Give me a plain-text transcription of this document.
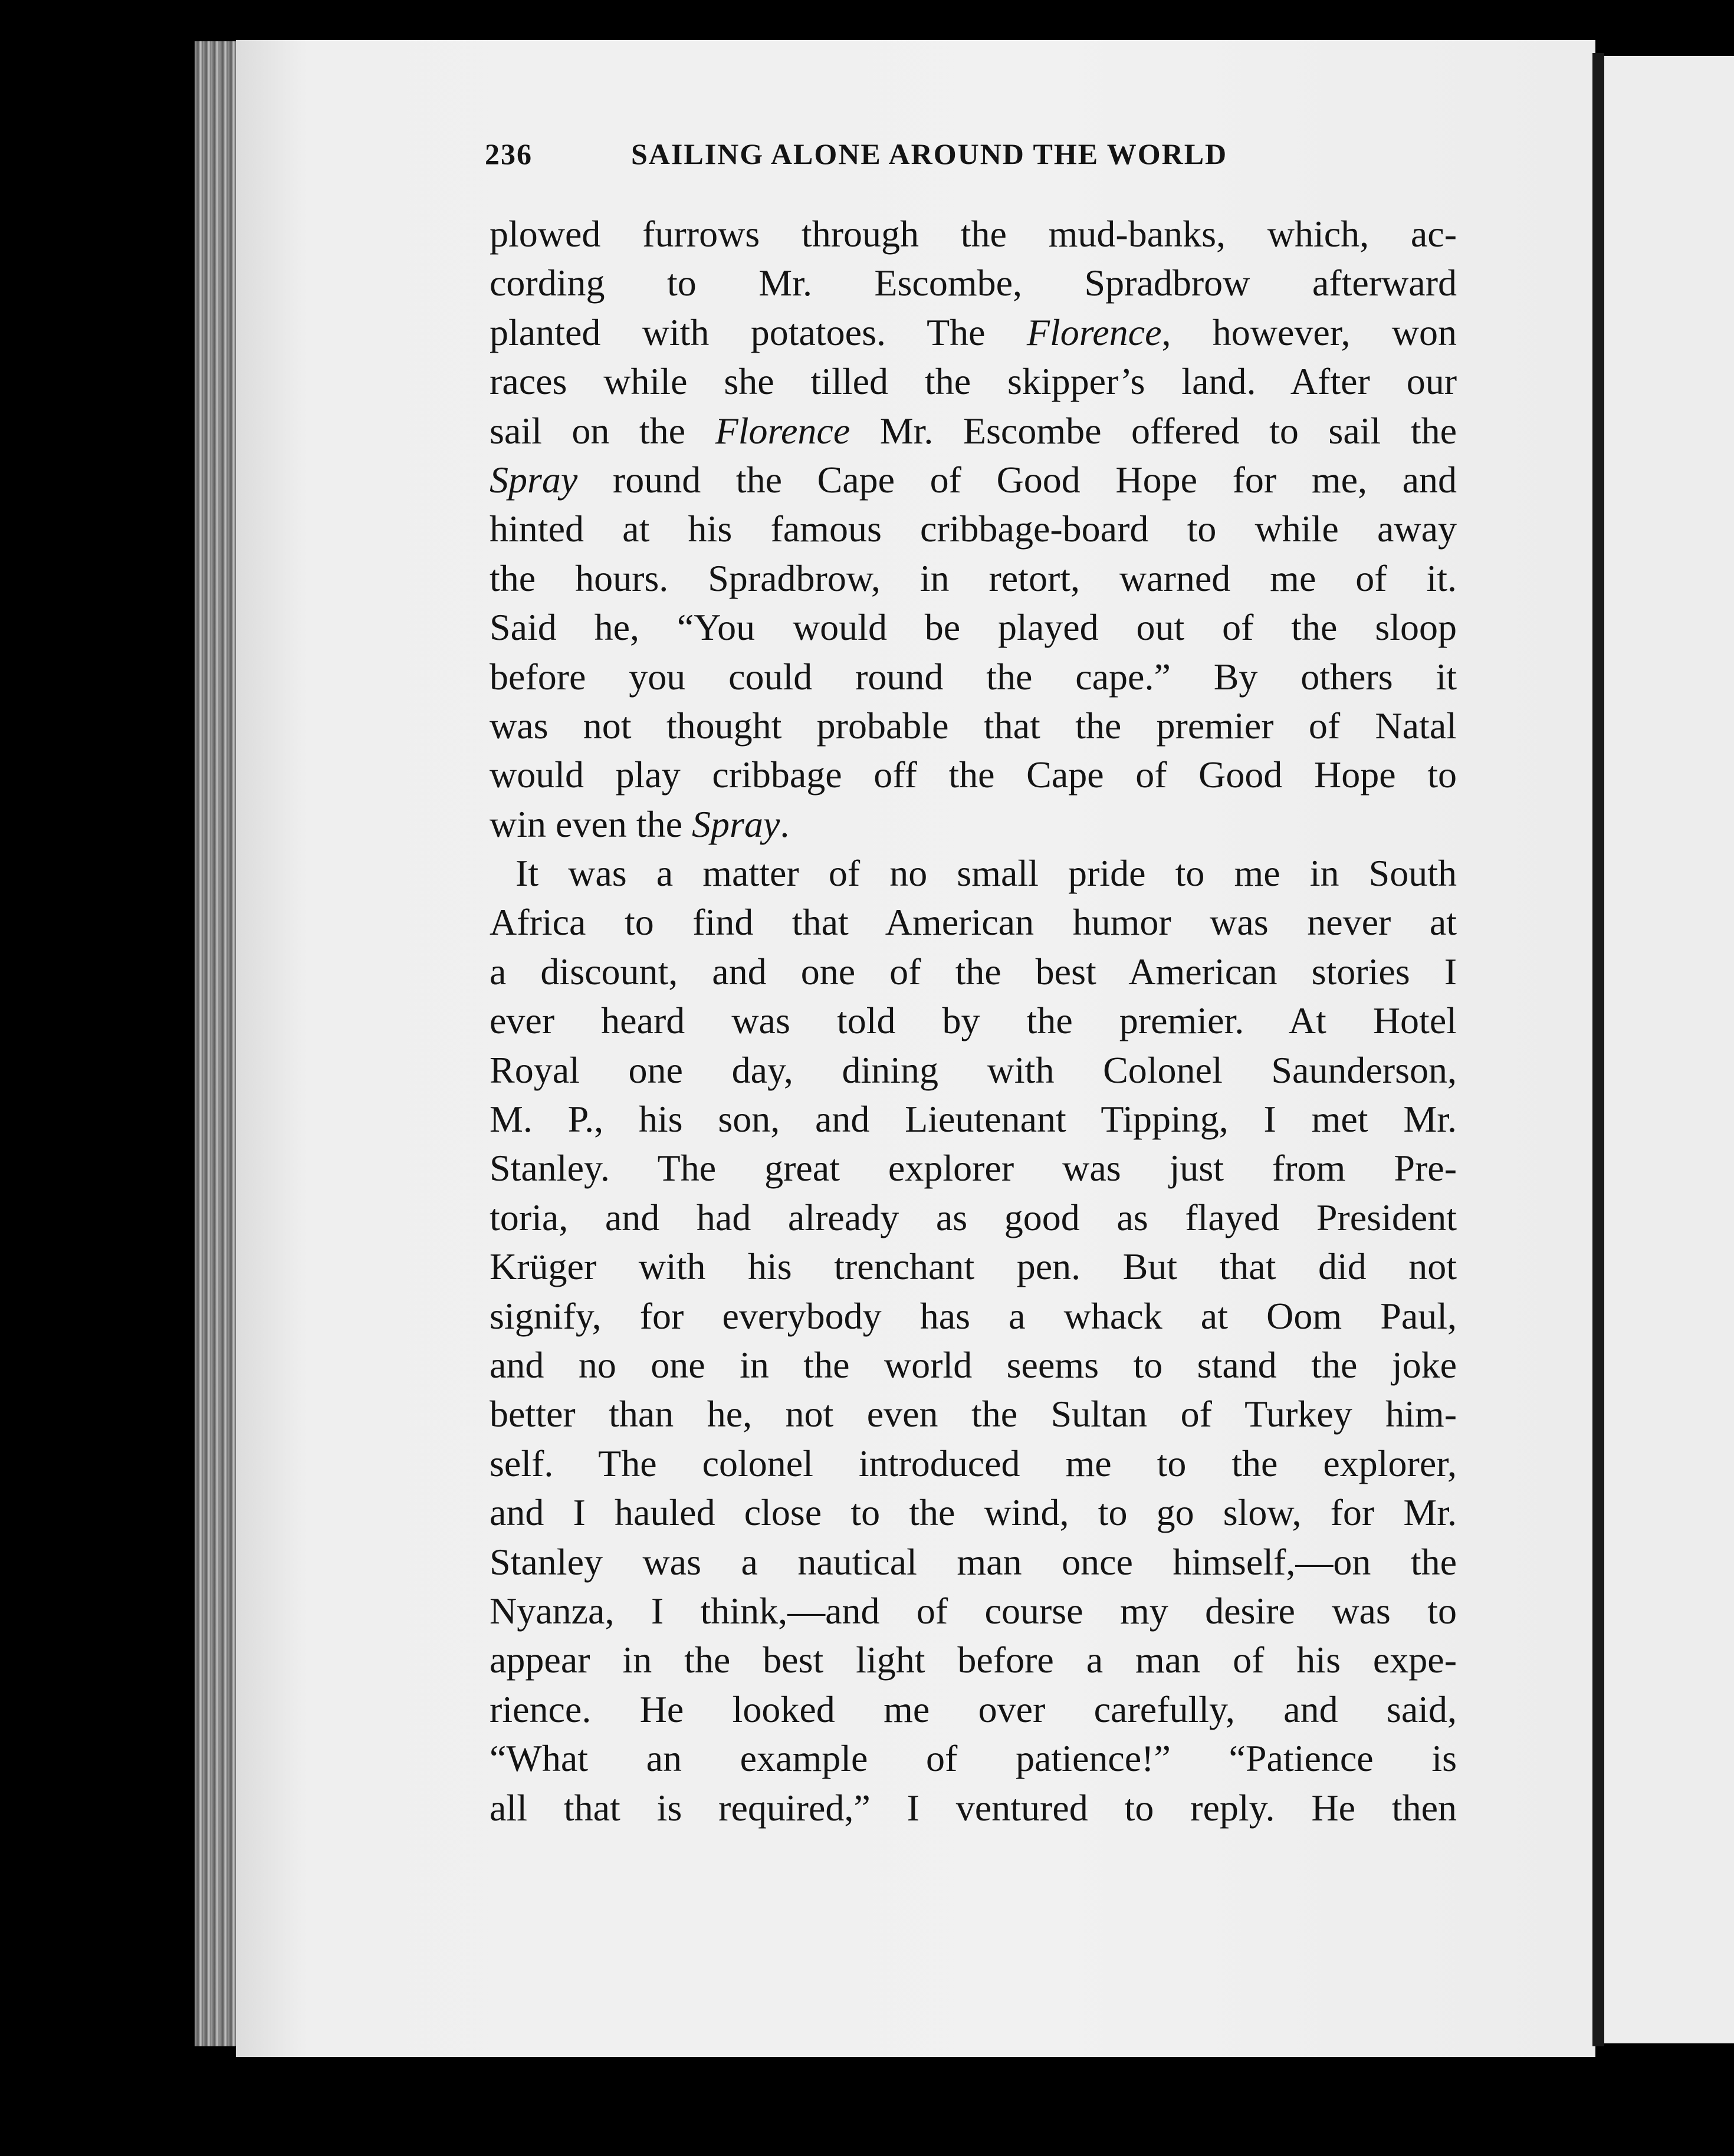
236	SAILING ALONE AROUND THE WORLD
plowed furrows through the mud-banks, which, ac-
cording to Mr. Escombe, Spradbrow afterward
planted with potatoes. The Florence, however, won
races while she tilled the skipper’s land. After our
sail on the Florence Mr. Escombe offered to sail the
Spray round the Cape of Good Hope for me, and
hinted at his famous cribbage-board to while away
the hours. Spradbrow, in retort, warned me of it.
Said he, “You would be played out of the sloop
before you could round the cape.” By others it
was not thought probable that the premier of Natal
would play cribbage off the Cape of Good Hope to
win even the Spray.
It was a matter of no small pride to me in South
Africa to find that American humor was never at
a discount, and one of the best American stories I
ever heard was told by the premier. At Hotel
Royal one day, dining with Colonel Saunderson,
M. P., his son, and Lieutenant Tipping, I met Mr.
Stanley. The great explorer was just from Pre-
toria, and had already as good as flayed President
Krüger with his trenchant pen. But that did not
signify, for everybody has a whack at Oom Paul,
and no one in the world seems to stand the joke
better than he, not even the Sultan of Turkey him-
self. The colonel introduced me to the explorer,
and I hauled close to the wind, to go slow, for Mr.
Stanley was a nautical man once himself,—on the
Nyanza, I think,—and of course my desire was to
appear in the best light before a man of his expe-
rience. He looked me over carefully, and said,
“What an example of patience!” “Patience is
all that is required,” I ventured to reply. He then
